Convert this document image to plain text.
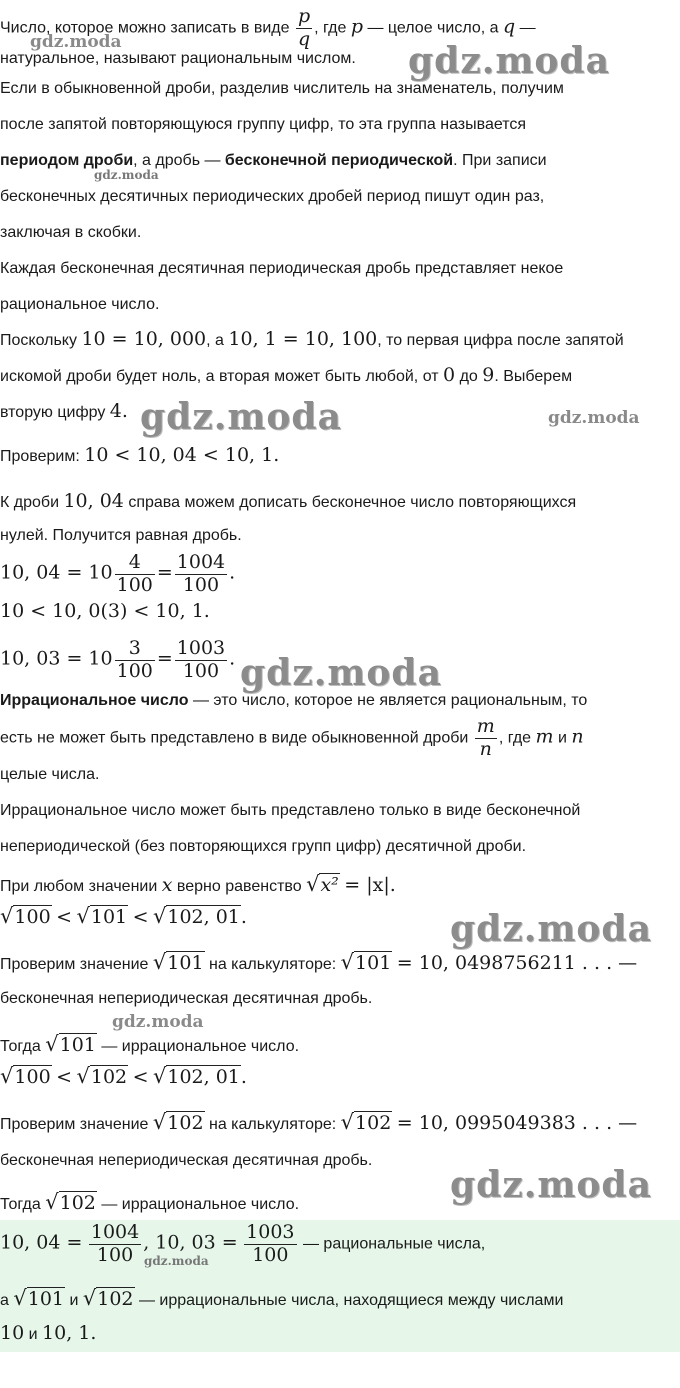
Число, которое можно записать в виде $\frac{p}{q}$ , где p — целое число, а q —
натуральное, называют рациональным числом.
Если в обыкновенной дроби, разделив числитель на знаменатель, получим
после запятой повторяющуюся группу цифр, то эта группа называется
периодом дроби, а дробь — бесконечной периодической. При записи
бесконечных десятичных периодических дробей период пишут один раз,
заключая в скобки.
Каждая бесконечная десятичная периодическая дробь представляет некое
рациональное число.
Поскольку 10 = 10, 000, а 10, 1 = 10, 100, то первая цифра после запятой
искомой дроби будет ноль, а вторая может быть любой, от 0 до 9. Выберем
вторую цифру 4.
Проверим: 10 < 10, 04 < 10, 1.
К дроби 10, 04 справа можем дописать бесконечное число повторяющихся
нулей. Получится равная дробь.
10, $04 = 10 \frac{4}{100} = \frac{1004}{100}$ .
10 < 10, 0(3) < 10, 1.
10, $03 = 10 \frac{3}{100} = \frac{1003}{100}$ .
Иррациональное число — это число, которое не является рациональным, то
есть не может быть представлено в виде обыкновенной дроби $\frac{m}{n}$ , где m и n
целые числа.
Иррациональное число может быть представлено только в виде бесконечной
непериодической (без повторяющихся групп цифр) десятичной дроби.
При любом значении x верно равенство √x² = |x|.
√100 < √101 < √102, 01.
Проверим значение √101 на калькуляторе: √101 = 10, 0498756211 . . . —
бесконечная непериодическая десятичная дробь.
Тогда √101 — иррациональное число.
√100 < √102 < √102, 01.
Проверим значение √102 на калькуляторе: √102 = 10, 0995049383 . . . —
бесконечная непериодическая десятичная дробь.
Тогда √102 — иррациональное число.
10, $04 = \frac{1004}{100}$ , 10, $03 = \frac{1003}{100}$ — рациональные числа,
а √101 и √102 — иррациональные числа, находящиеся между числами
10 и 10, 1.
gdz.moda	gdz.moda
gdz.moda
gdz.moda	gdz.moda
gdz.moda
gdz.moda
gdz.moda
gdz.moda
gdz.moda
